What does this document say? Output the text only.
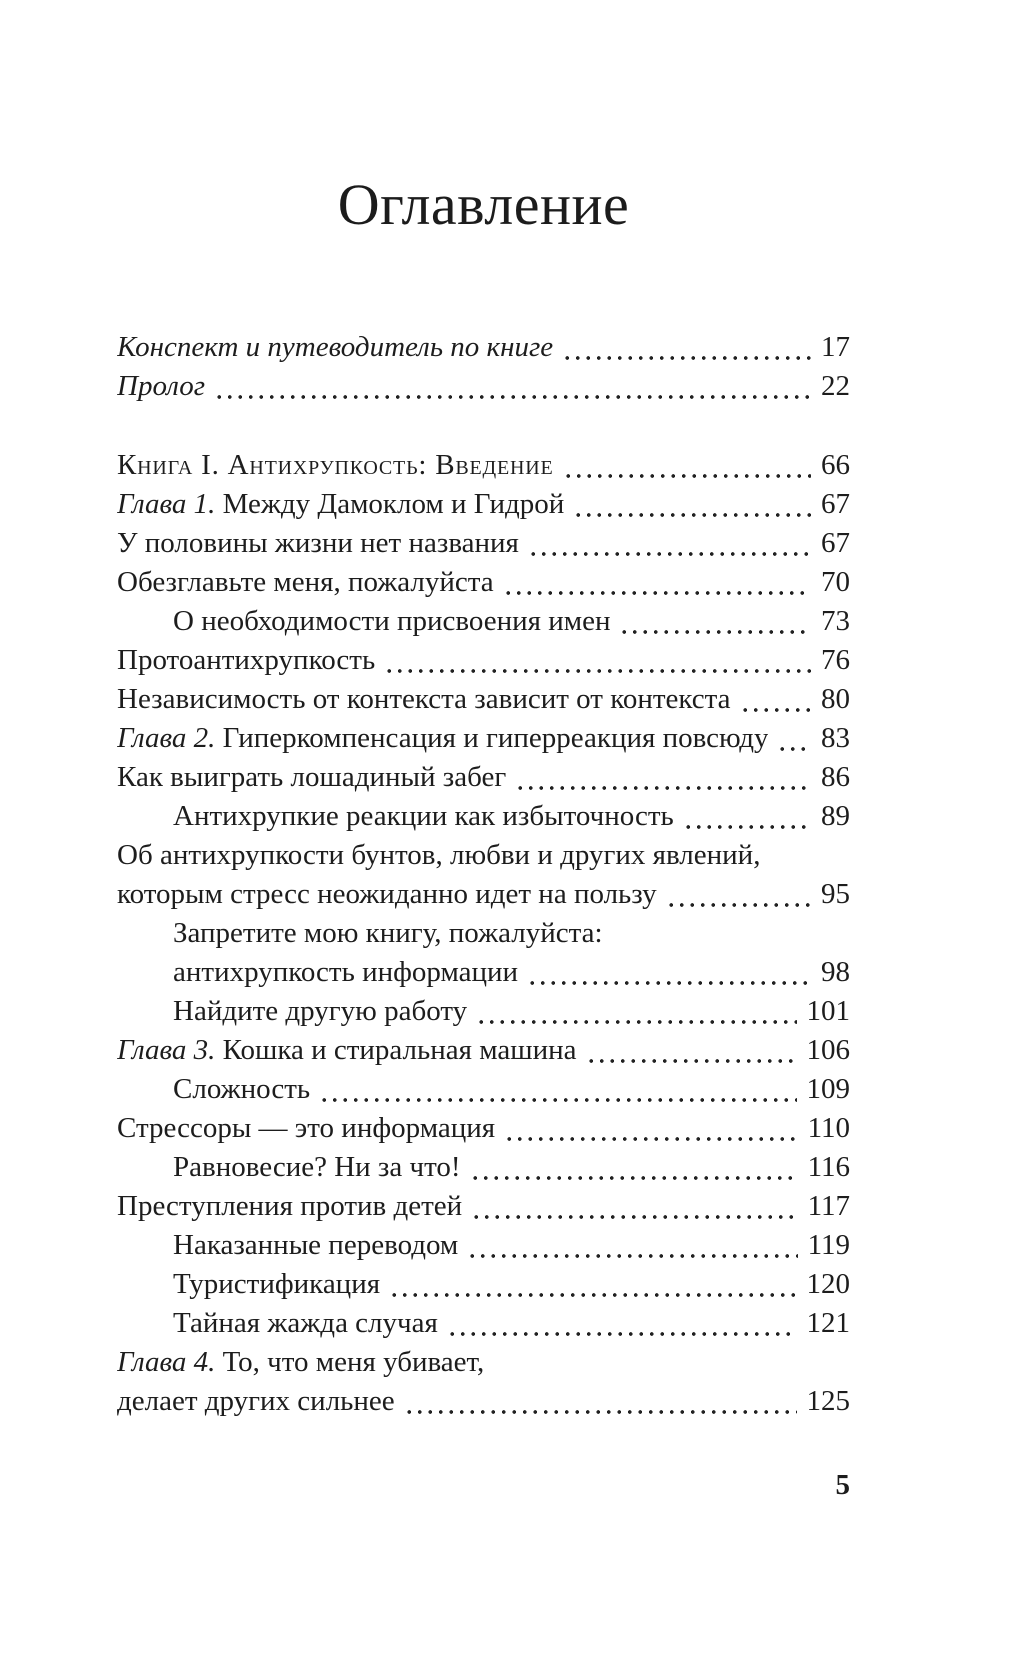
Оглавление
Конспект и путеводитель по книге	17
Пролог	22
Книга I. Антихрупкость: Введение	66
Глава 1. Между Дамоклом и Гидрой	67
У половины жизни нет названия	67
Обезглавьте меня, пожалуйста	70
О необходимости присвоения имен	73
Протоантихрупкость	76
Независимость от контекста зависит от контекста	80
Глава 2. Гиперкомпенсация и гиперреакция повсюду 83
Как выиграть лошадиный забег	86
Антихрупкие реакции как избыточность	89
Об антихрупкости бунтов, любви и других явлений,
которым стресс неожиданно идет на пользу	95
Запретите мою книгу, пожалуйста:
антихрупкость информации	98
Найдите другую работу	101
Глава 3. Кошка и стиральная машина	106
Сложность	109
Стрессоры — это информация	110
Равновесие? Ни за что!	116
Преступления против детей	117
Наказанные переводом	119
Туристификация	120
Тайная жажда случая	121
Глава 4. То, что меня убивает,
делает других сильнее	125
5
